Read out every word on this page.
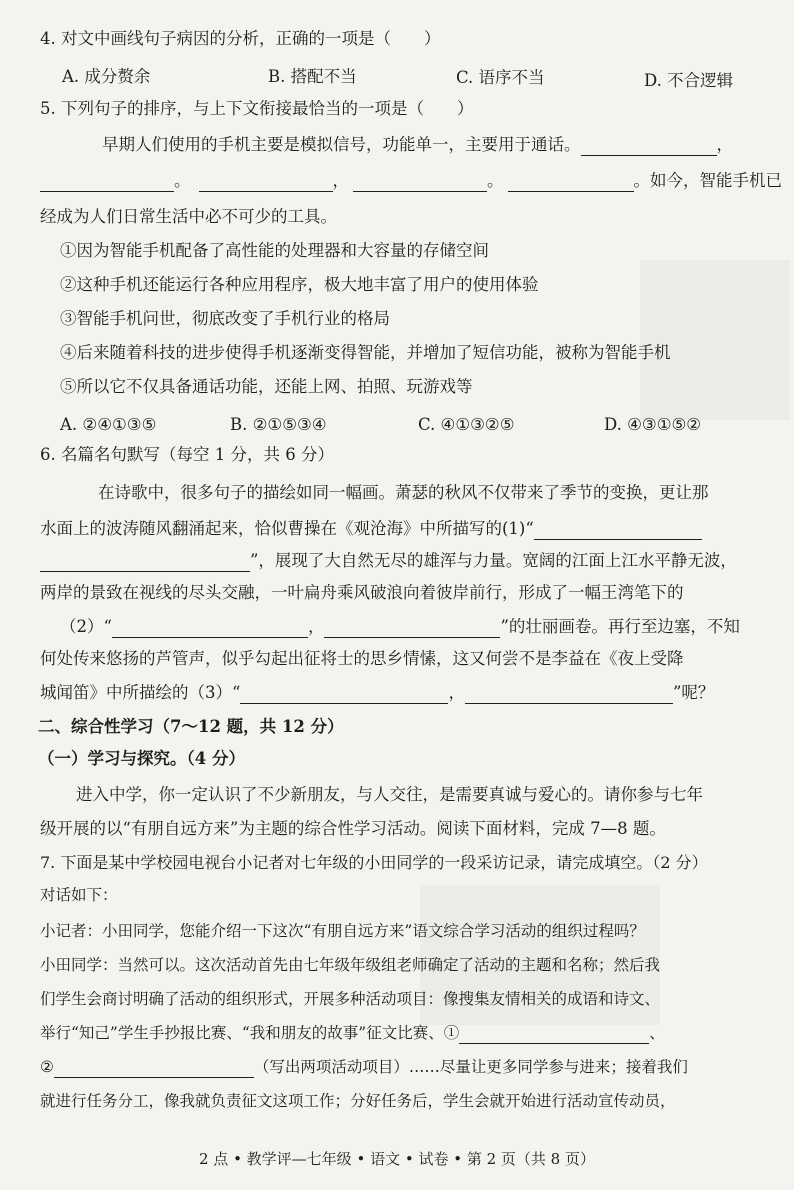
4. 对文中画线句子病因的分析，正确的一项是（　　）
A. 成分赘余	B. 搭配不当	C. 语序不当	D. 不合逻辑
5. 下列句子的排序，与上下文衔接最恰当的一项是（　　）
早期人们使用的手机主要是模拟信号，功能单一，主要用于通话。	，
。	，	。	。如今，智能手机已
经成为人们日常生活中必不可少的工具。
①因为智能手机配备了高性能的处理器和大容量的存储空间
②这种手机还能运行各种应用程序，极大地丰富了用户的使用体验
③智能手机问世，彻底改变了手机行业的格局
④后来随着科技的进步使得手机逐渐变得智能，并增加了短信功能，被称为智能手机
⑤所以它不仅具备通话功能，还能上网、拍照、玩游戏等
A. ②④①③⑤	B. ②①⑤③④	C. ④①③②⑤	D. ④③①⑤②
6. 名篇名句默写（每空 1 分，共 6 分）
在诗歌中，很多句子的描绘如同一幅画。萧瑟的秋风不仅带来了季节的变换，更让那
水面上的波涛随风翻涌起来，恰似曹操在《观沧海》中所描写的(1)“
”，展现了大自然无尽的雄浑与力量。宽阔的江面上江水平静无波，
两岸的景致在视线的尽头交融，一叶扁舟乘风破浪向着彼岸前行，形成了一幅王湾笔下的
（2）“	，	”的壮丽画卷。再行至边塞，不知
何处传来悠扬的芦管声，似乎勾起出征将士的思乡情愫，这又何尝不是李益在《夜上受降
城闻笛》中所描绘的（3）“	，	”呢？
二、综合性学习（7～12 题，共 12 分）
（一）学习与探究。（4 分）
进入中学，你一定认识了不少新朋友，与人交往，是需要真诚与爱心的。请你参与七年
级开展的以“有朋自远方来”为主题的综合性学习活动。阅读下面材料，完成 7—8 题。
7. 下面是某中学校园电视台小记者对七年级的小田同学的一段采访记录，请完成填空。（2 分）
对话如下：
小记者：小田同学，您能介绍一下这次“有朋自远方来”语文综合学习活动的组织过程吗？
小田同学：当然可以。这次活动首先由七年级年级组老师确定了活动的主题和名称；然后我
们学生会商讨明确了活动的组织形式，开展多种活动项目：像搜集友情相关的成语和诗文、
举行“知己”学生手抄报比赛、“我和朋友的故事”征文比赛、①	、
②	（写出两项活动项目）……尽量让更多同学参与进来；接着我们
就进行任务分工，像我就负责征文这项工作；分好任务后，学生会就开始进行活动宣传动员，
2 点 • 教学评—七年级 • 语文 • 试卷 • 第 2 页（共 8 页）
